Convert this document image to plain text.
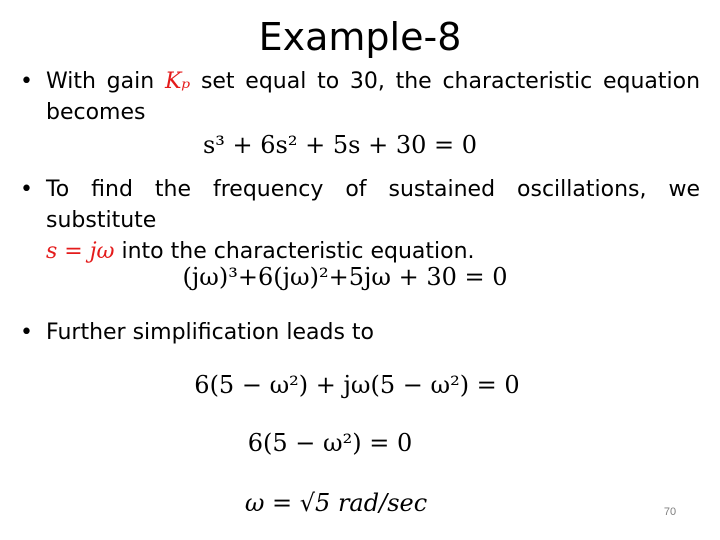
Example-8
• With gain Kₚ set equal to 30, the characteristic equation
becomes
s³ + 6s² + 5s + 30 = 0
• To find the frequency of sustained oscillations, we substitute
s = jω into the characteristic equation.
(jω)³+6(jω)²+5jω + 30 = 0
• Further simplification leads to
6(5 − ω²) + jω(5 − ω²) = 0
6(5 − ω²) = 0
ω = √5 rad/sec	70
